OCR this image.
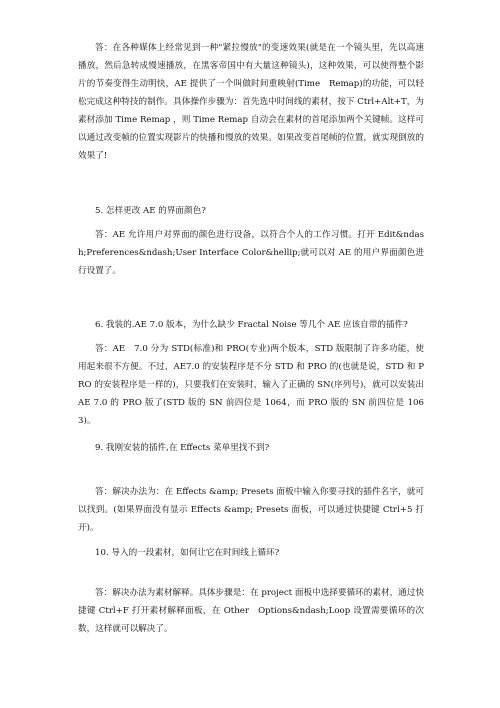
答：在各种媒体上经常见到一种"紧拉慢放"的变速效果(就是在一个镜头里，先以高速播放，然后急转成慢速播放，在黑客帝国中有大量这种镜头)，这种效果，可以使得整个影片的节奏变得生动明快，AE 提供了一个叫做时间重映射(Time　Remap)的功能，可以轻松完成这种特技的制作。具体操作步骤为：首先选中时间线的素材，按下 Ctrl+Alt+T，为素材添加 Time Remap ，则 Time Remap 自动会在素材的首尾添加两个关键帧。这样可以通过改变帧的位置实现影片的快播和慢放的效果。如果改变首尾帧的位置，就实现倒放的效果了!

5. 怎样更改 AE 的界面颜色?

答：AE 允许用户对界面的颜色进行设备，以符合个人的工作习惯。打开 Edit&ndash;Preferences&ndash;User Interface Color&hellip;就可以对 AE 的用户界面颜色进行设置了。

6. 我装的.AE 7.0 版本，为什么缺少 Fractal Noise 等几个 AE 应该自带的插件?

答：AE　7.0 分为 STD(标准)和 PRO(专业)两个版本，STD 版限制了许多功能，使用起来很不方便。不过，AE7.0 的安装程序是不分 STD 和 PRO 的(也就是说，STD 和 PRO 的安装程序是一样的)，只要我们在安装时，输入了正确的 SN(序列号)，就可以安装出 AE 7.0 的 PRO 版了(STD 版的 SN 前四位是 1064，而 PRO 版的 SN 前四位是 1063)。

9. 我刚安装的插件,在 Effects 菜单里找不到?

答：解决办法为：在 Effects &amp; Presets 面板中输入你要寻找的插件名字，就可以找到。(如果界面没有显示 Effects &amp; Presets 面板，可以通过快捷键 Ctrl+5 打开)。

10. 导入的一段素材，如何让它在时间线上循环?

答：解决办法为素材解释。具体步骤是：在 project 面板中选择要循环的素材，通过快捷键 Ctrl+F 打开素材解释面板，在 Other　Options&ndash;Loop 设置需要循环的次数，这样就可以解决了。
